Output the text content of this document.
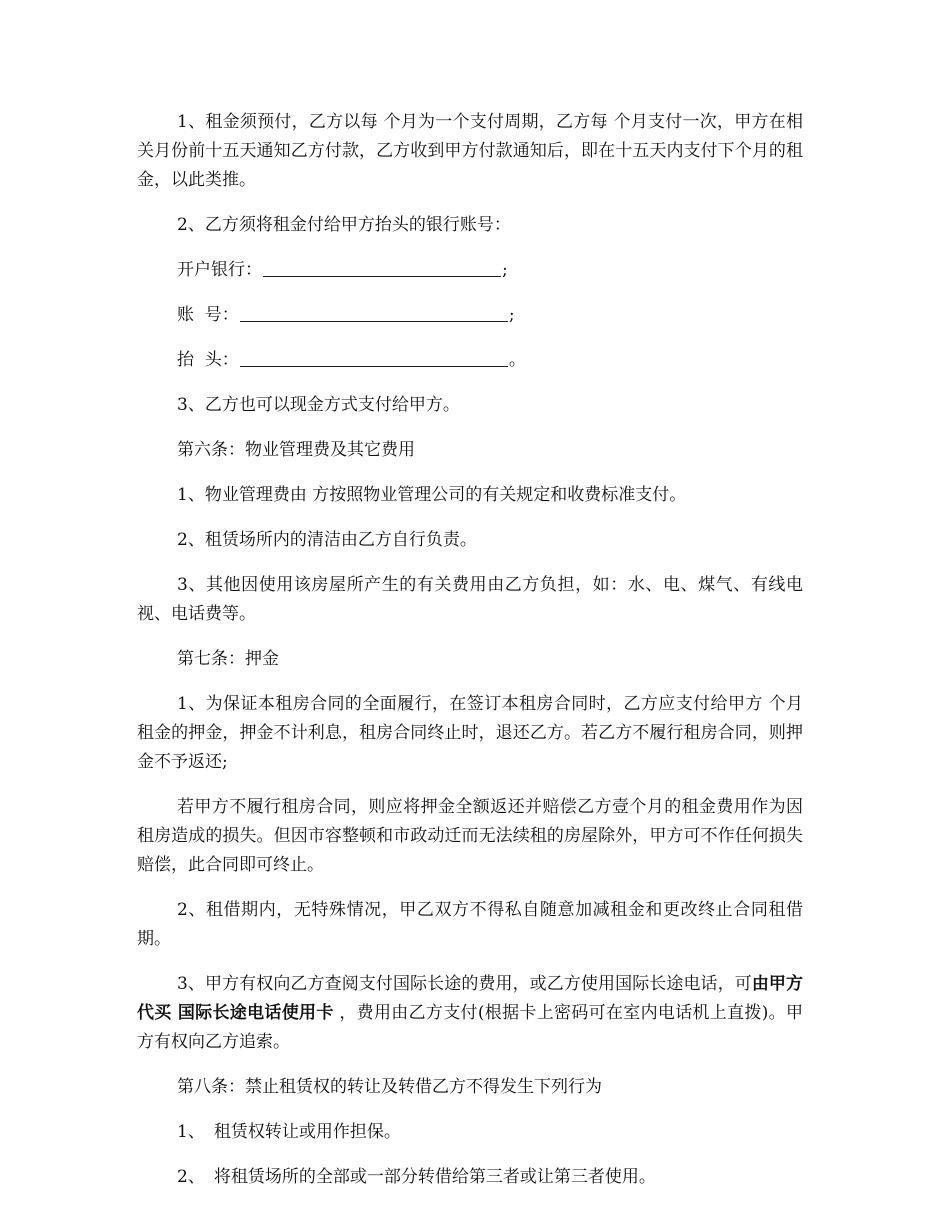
1、租金须预付，乙方以每 个月为一个支付周期，乙方每 个月支付一次，甲方在相关月份前十五天通知乙方付款，乙方收到甲方付款通知后，即在十五天内支付下个月的租金，以此类推。

2、乙方须将租金付给甲方抬头的银行账号：

开户银行：	;

账  号：	;

抬  头：	。

3、乙方也可以现金方式支付给甲方。

第六条：物业管理费及其它费用

1、物业管理费由 方按照物业管理公司的有关规定和收费标准支付。

2、租赁场所内的清洁由乙方自行负责。

3、其他因使用该房屋所产生的有关费用由乙方负担，如：水、电、煤气、有线电视、电话费等。

第七条：押金

1、为保证本租房合同的全面履行，在签订本租房合同时，乙方应支付给甲方 个月租金的押金，押金不计利息，租房合同终止时，退还乙方。若乙方不履行租房合同，则押金不予返还;

若甲方不履行租房合同，则应将押金全额返还并赔偿乙方壹个月的租金费用作为因租房造成的损失。但因市容整顿和市政动迁而无法续租的房屋除外，甲方可不作任何损失赔偿，此合同即可终止。

2、租借期内，无特殊情况，甲乙双方不得私自随意加减租金和更改终止合同租借期。

3、甲方有权向乙方查阅支付国际长途的费用，或乙方使用国际长途电话，可由甲方代买 国际长途电话使用卡 ，费用由乙方支付(根据卡上密码可在室内电话机上直拨)。甲方有权向乙方追索。

第八条：禁止租赁权的转让及转借乙方不得发生下列行为

1、 租赁权转让或用作担保。

2、 将租赁场所的全部或一部分转借给第三者或让第三者使用。
